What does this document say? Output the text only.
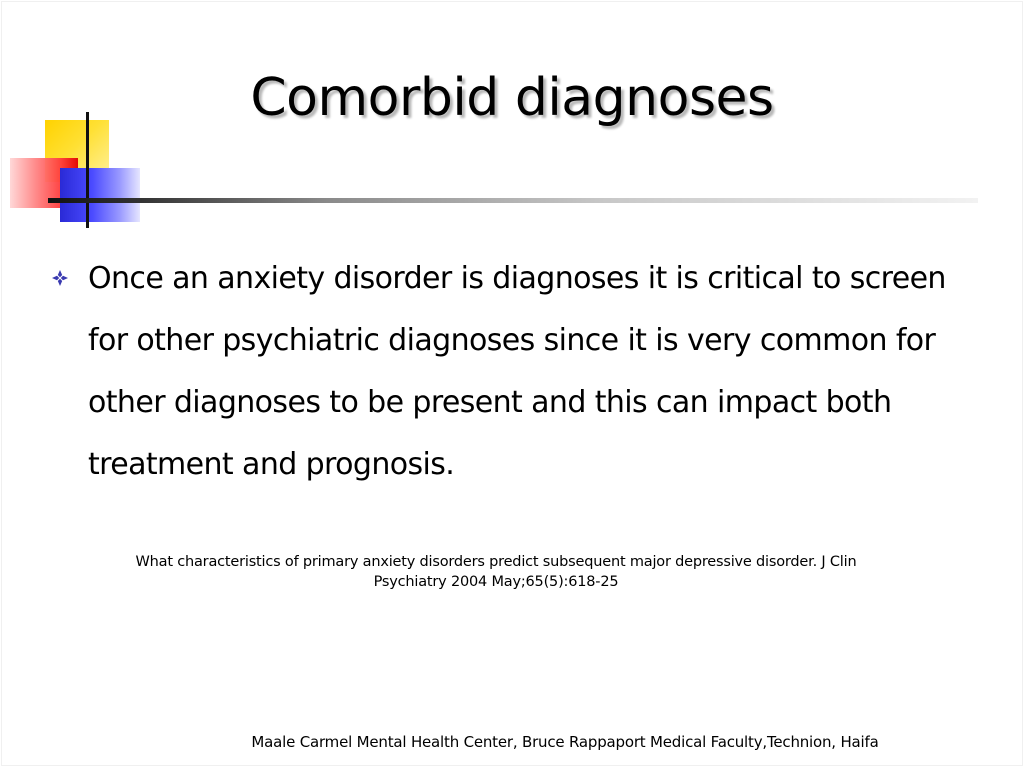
Comorbid diagnoses
Once an anxiety disorder is diagnoses it is critical to screen for other psychiatric diagnoses since it is very common for other diagnoses to be present and this can impact both treatment and prognosis.
What characteristics of primary anxiety disorders predict subsequent major depressive disorder. J Clin Psychiatry 2004 May;65(5):618-25
Maale Carmel Mental Health Center, Bruce Rappaport Medical Faculty,Technion, Haifa
